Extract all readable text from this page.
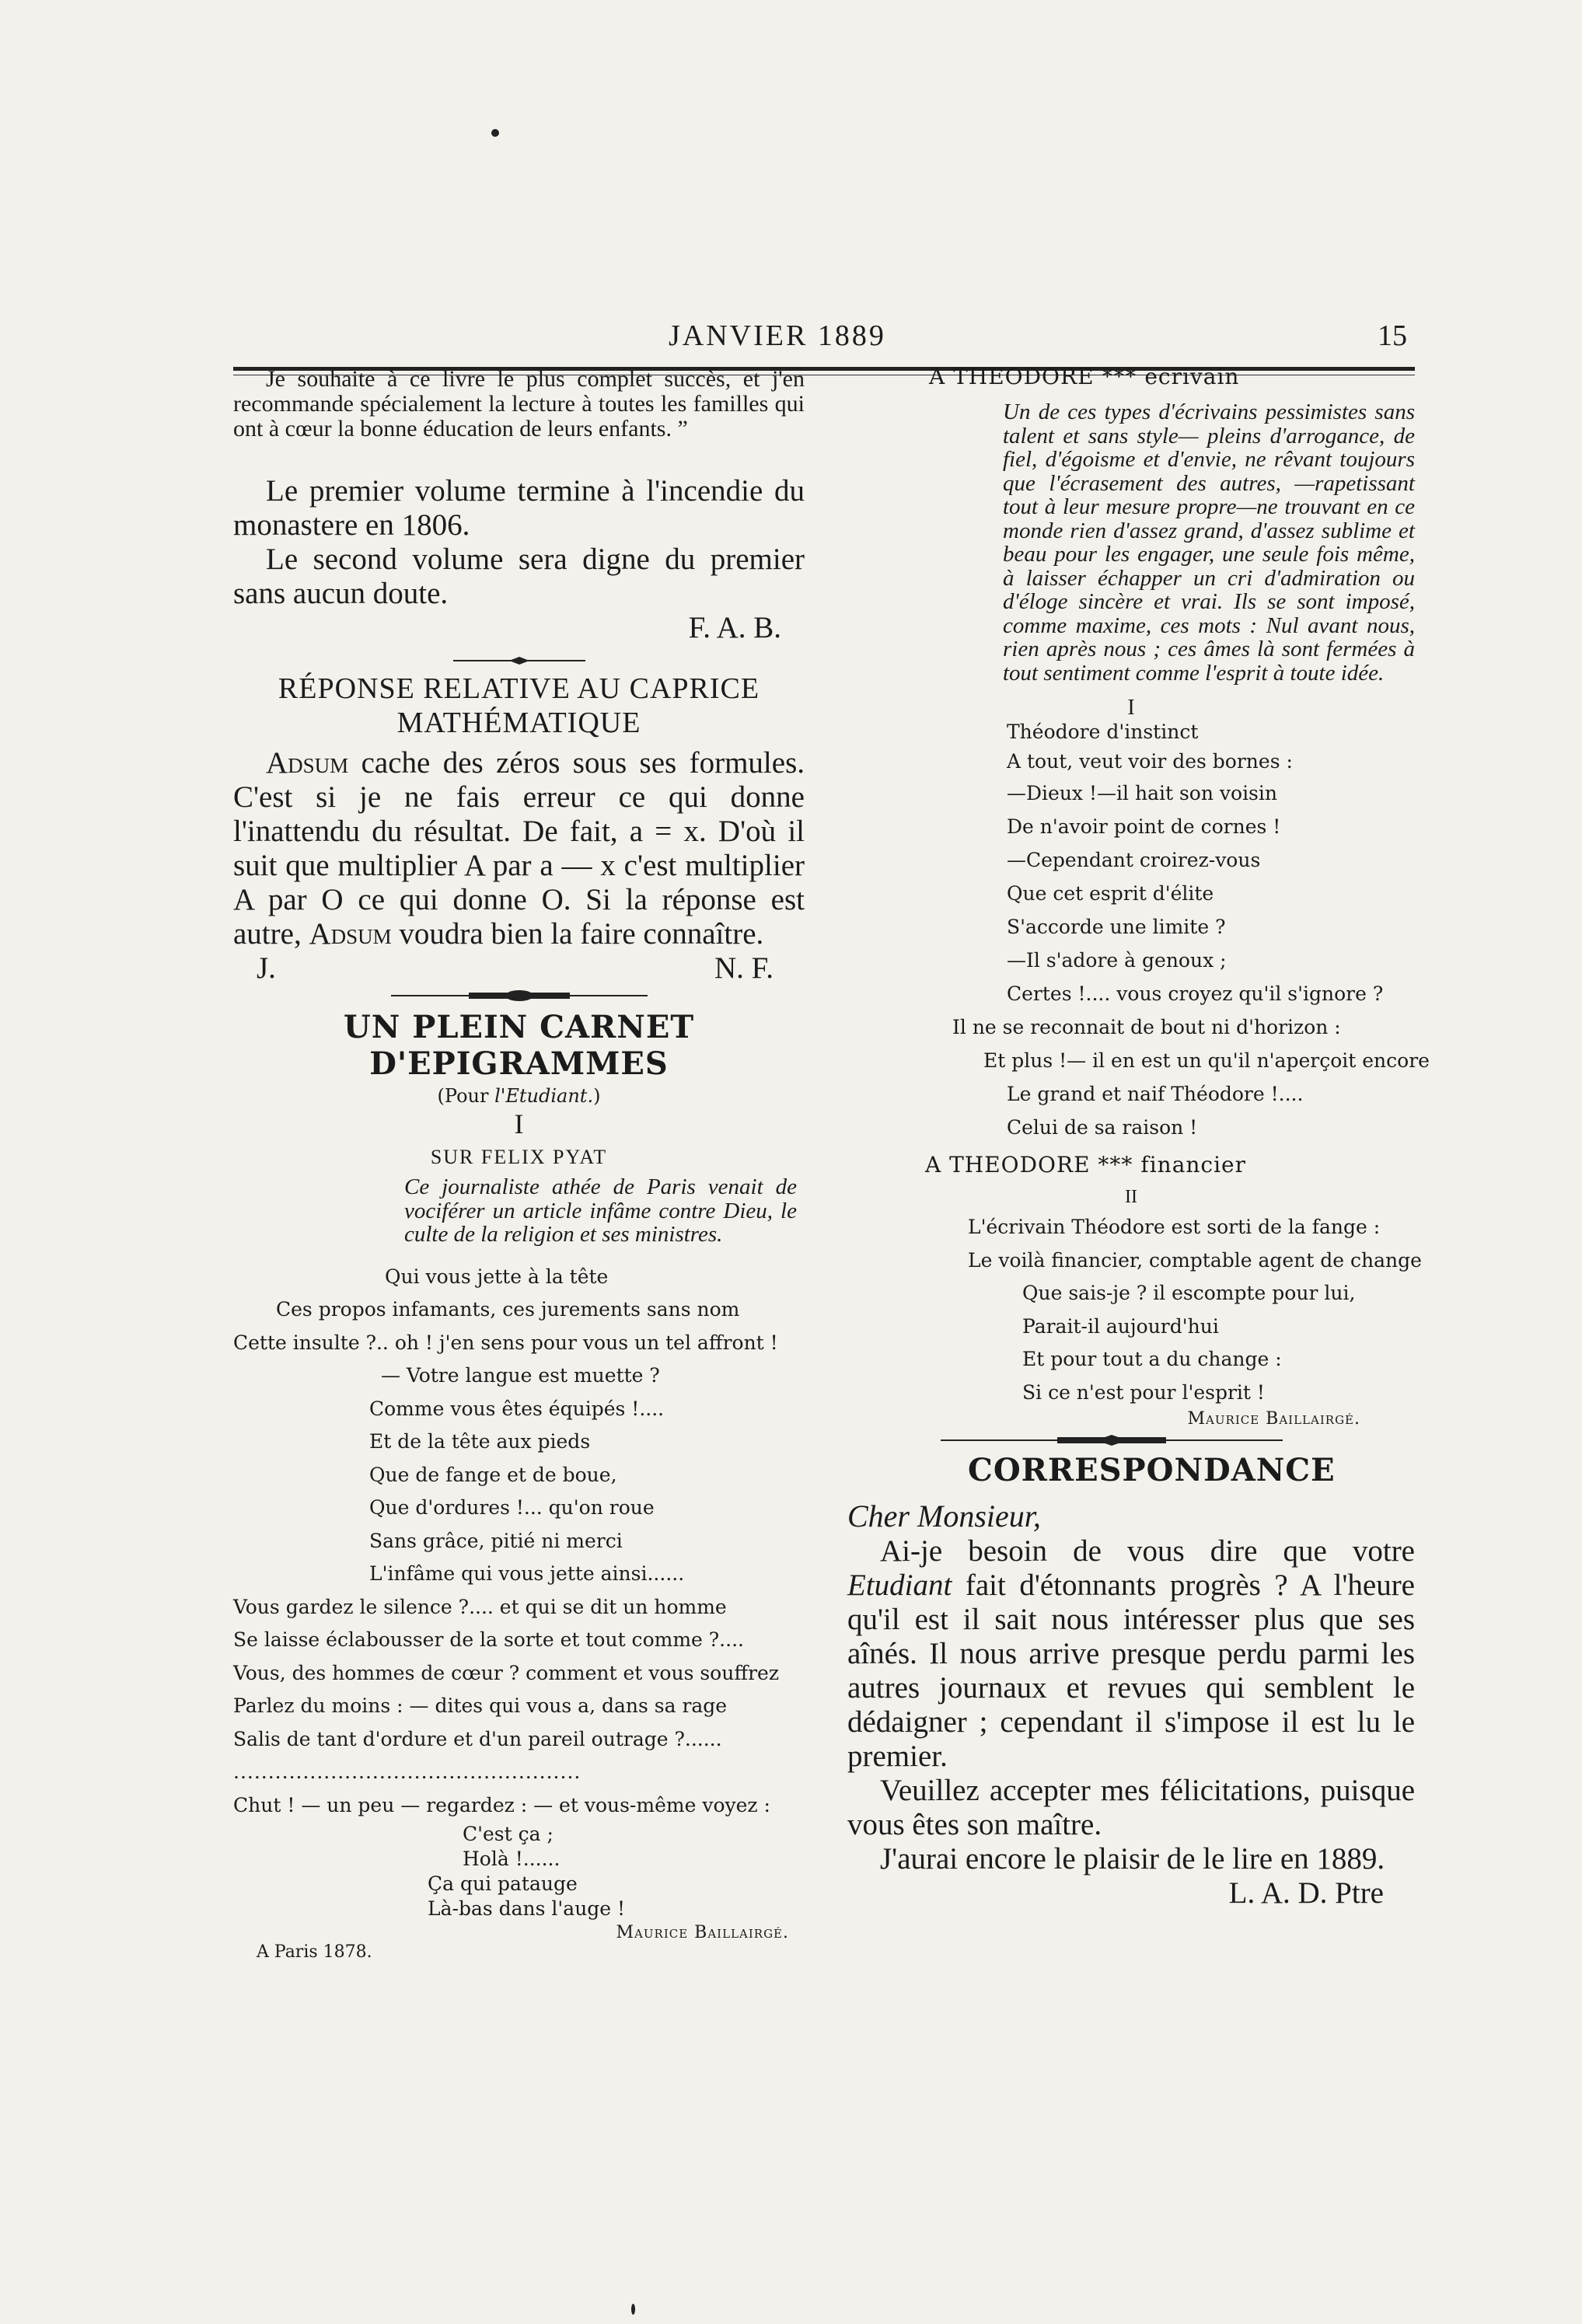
JANVIER 1889	15

Je souhaite à ce livre le plus complet succès, et j'en recommande spécialement la lecture à toutes les familles qui ont à cœur la bonne éducation de leurs enfants. ”

Le premier volume termine à l'incendie du monastere en 1806.

Le second volume sera digne du premier sans aucun doute.

F. A. B.

RÉPONSE RELATIVE AU CAPRICE
MATHÉMATIQUE

Adsum cache des zéros sous ses formules. C'est si je ne fais erreur ce qui donne l'inattendu du résultat. De fait, a = x. D'où il suit que multiplier A par a — x c'est multiplier A par O ce qui donne O. Si la réponse est autre, Adsum voudra bien la faire connaître.

J.	N. F.
UN PLEIN CARNET D'EPIGRAMMES
(Pour l'Etudiant.)
I
SUR FELIX PYAT

Ce journaliste athée de Paris venait de vociférer un article infâme contre Dieu, le culte de la religion et ses ministres.

Qui vous jette à la tête
Ces propos infamants, ces jurements sans nom
Cette insulte ?.. oh ! j'en sens pour vous un tel affront !
— Votre langue est muette ?
Comme vous êtes équipés !....
Et de la tête aux pieds
Que de fange et de boue,
Que d'ordures !... qu'on roue
Sans grâce, pitié ni merci
L'infâme qui vous jette ainsi......
Vous gardez le silence ?.... et qui se dit un homme
Se laisse éclabousser de la sorte et tout comme ?....
Vous, des hommes de cœur ? comment et vous souffrez
Parlez du moins : — dites qui vous a, dans sa rage
Salis de tant d'ordure et d'un pareil outrage ?......
..................................................
Chut ! — un peu — regardez : — et vous-même voyez :
C'est ça ;
Holà !......
Ça qui patauge
Là-bas dans l'auge !
Maurice Baillairgé.
A Paris 1878.
A THEODORE *** ecrivain

Un de ces types d'écrivains pessimistes sans talent et sans style— pleins d'arrogance, de fiel, d'égoisme et d'envie, ne rêvant toujours que l'écrasement des autres, —rapetissant tout à leur mesure propre—ne trouvant en ce monde rien d'assez grand, d'assez sublime et beau pour les engager, une seule fois même, à laisser échapper un cri d'admiration ou d'éloge sincère et vrai. Ils se sont imposé, comme maxime, ces mots : Nul avant nous, rien après nous ; ces âmes là sont fermées à tout sentiment comme l'esprit à toute idée.

I
Théodore d'instinct
A tout, veut voir des bornes :
—Dieux !—il hait son voisin
De n'avoir point de cornes !
—Cependant croirez-vous
Que cet esprit d'élite
S'accorde une limite ?
—Il s'adore à genoux ;
Certes !.... vous croyez qu'il s'ignore ?
Il ne se reconnait de bout ni d'horizon :
Et plus !— il en est un qu'il n'aperçoit encore
Le grand et naif Théodore !....
Celui de sa raison !
A THEODORE *** financier
II
L'écrivain Théodore est sorti de la fange :
Le voilà financier, comptable agent de change
Que sais-je ? il escompte pour lui,
Parait-il aujourd'hui
Et pour tout a du change :
Si ce n'est pour l'esprit !
Maurice Baillairgé.
CORRESPONDANCE
Cher Monsieur,

Ai-je besoin de vous dire que votre Etudiant fait d'étonnants progrès ? A l'heure qu'il est il sait nous intéresser plus que ses aînés. Il nous arrive presque perdu parmi les autres journaux et revues qui semblent le dédaigner ; cependant il s'impose il est lu le premier.

Veuillez accepter mes félicitations, puisque vous êtes son maître.

J'aurai encore le plaisir de le lire en 1889.

L. A. D. Ptre
